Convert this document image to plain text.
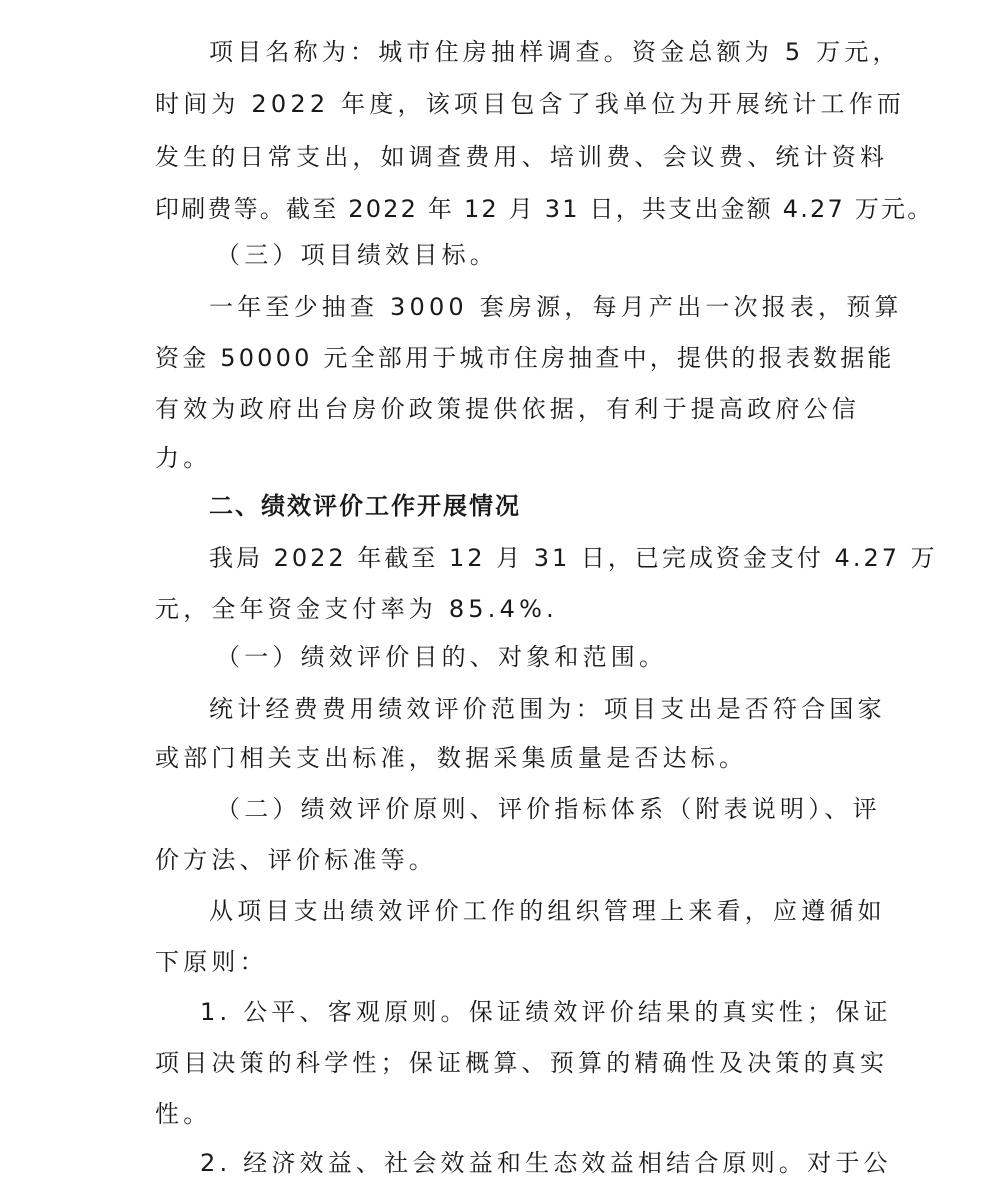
项目名称为：城市住房抽样调查。资金总额为 5 万元，
时间为 2022 年度，该项目包含了我单位为开展统计工作而
发生的日常支出，如调查费用、培训费、会议费、统计资料
印刷费等。截至 2022 年 12 月 31 日，共支出金额 4.27 万元。
（三）项目绩效目标。
一年至少抽查 3000 套房源，每月产出一次报表，预算
资金 50000 元全部用于城市住房抽查中，提供的报表数据能
有效为政府出台房价政策提供依据，有利于提高政府公信
力。
二、绩效评价工作开展情况
我局 2022 年截至 12 月 31 日，已完成资金支付 4.27 万
元，全年资金支付率为 85.4%.
（一）绩效评价目的、对象和范围。
统计经费费用绩效评价范围为：项目支出是否符合国家
或部门相关支出标准，数据采集质量是否达标。
（二）绩效评价原则、评价指标体系（附表说明）、评
价方法、评价标准等。
从项目支出绩效评价工作的组织管理上来看，应遵循如
下原则：
1. 公平、客观原则。保证绩效评价结果的真实性；保证
项目决策的科学性；保证概算、预算的精确性及决策的真实
性。
2. 经济效益、社会效益和生态效益相结合原则。对于公
